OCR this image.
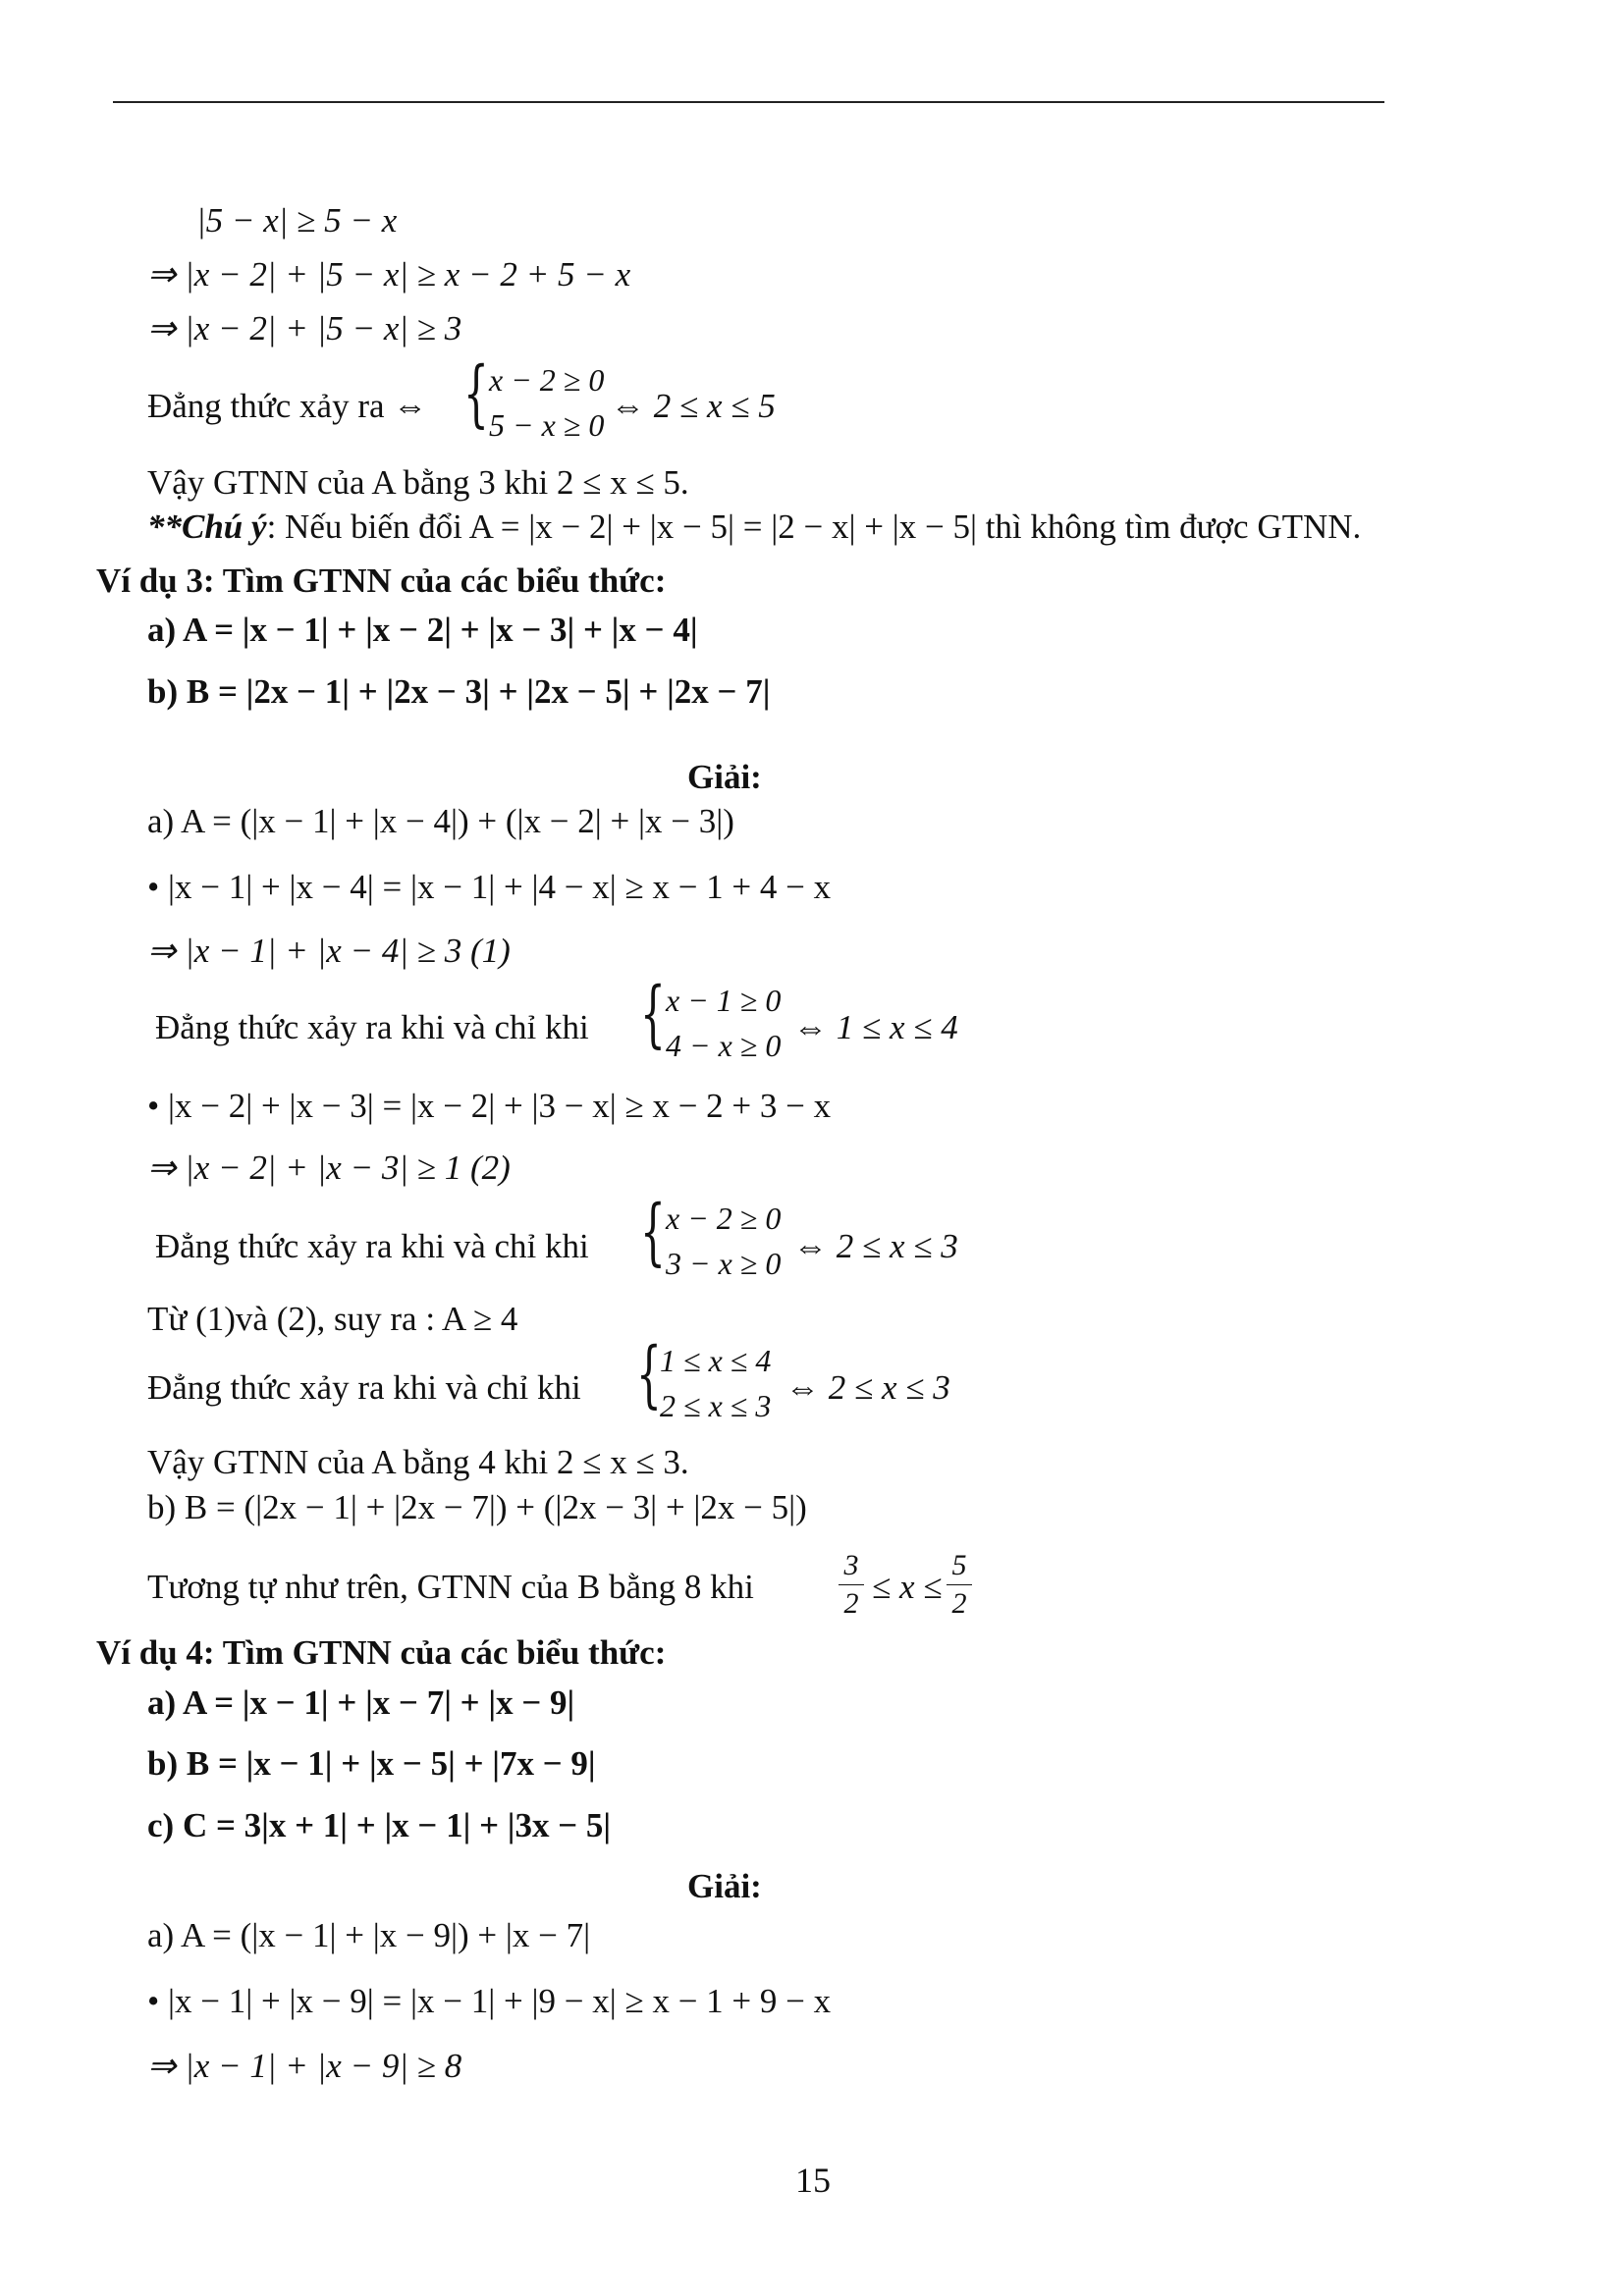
|5 − x| ≥ 5 − x
⇒ |x − 2| + |5 − x| ≥ x − 2 + 5 − x
⇒ |x − 2| + |5 − x| ≥ 3
Đẳng thức xảy ra ⇔ { x − 2 ≥ 0
5 − x ≥ 0 ⇔ 2 ≤ x ≤ 5
Vậy GTNN của A bằng 3 khi 2 ≤ x ≤ 5.
**Chú ý: Nếu biến đổi A = |x − 2| + |x − 5| = |2 − x| + |x − 5| thì không tìm được GTNN.
Ví dụ 3: Tìm GTNN của các biểu thức:
a) A = |x − 1| + |x − 2| + |x − 3| + |x − 4|
b) B = |2x − 1| + |2x − 3| + |2x − 5| + |2x − 7|
Giải:
a) A = (|x − 1| + |x − 4|) + (|x − 2| + |x − 3|)
• |x − 1| + |x − 4| = |x − 1| + |4 − x| ≥ x − 1 + 4 − x
⇒ |x − 1| + |x − 4| ≥ 3 (1)
Đẳng thức xảy ra khi và chỉ khi { x − 1 ≥ 0
4 − x ≥ 0 ⇔ 1 ≤ x ≤ 4
• |x − 2| + |x − 3| = |x − 2| + |3 − x| ≥ x − 2 + 3 − x
⇒ |x − 2| + |x − 3| ≥ 1 (2)
Đẳng thức xảy ra khi và chỉ khi { x − 2 ≥ 0
3 − x ≥ 0 ⇔ 2 ≤ x ≤ 3
Từ (1)và (2), suy ra : A ≥ 4
Đẳng thức xảy ra khi và chỉ khi {
1 ≤ x ≤ 4
2 ≤ x ≤ 3 ⇔ 2 ≤ x ≤ 3
Vậy GTNN của A bằng 4 khi 2 ≤ x ≤ 3.
b) B = (|2x − 1| + |2x − 7|) + (|2x − 3| + |2x − 5|)
Tương tự như trên, GTNN của B bằng 8 khi
3
2 ≤ x ≤
5
2
Ví dụ 4: Tìm GTNN của các biểu thức:
a) A = |x − 1| + |x − 7| + |x − 9|
b) B = |x − 1| + |x − 5| + |7x − 9|
c) C = 3|x + 1| + |x − 1| + |3x − 5|
Giải:
a) A = (|x − 1| + |x − 9|) + |x − 7|
• |x − 1| + |x − 9| = |x − 1| + |9 − x| ≥ x − 1 + 9 − x
⇒ |x − 1| + |x − 9| ≥ 8
15
